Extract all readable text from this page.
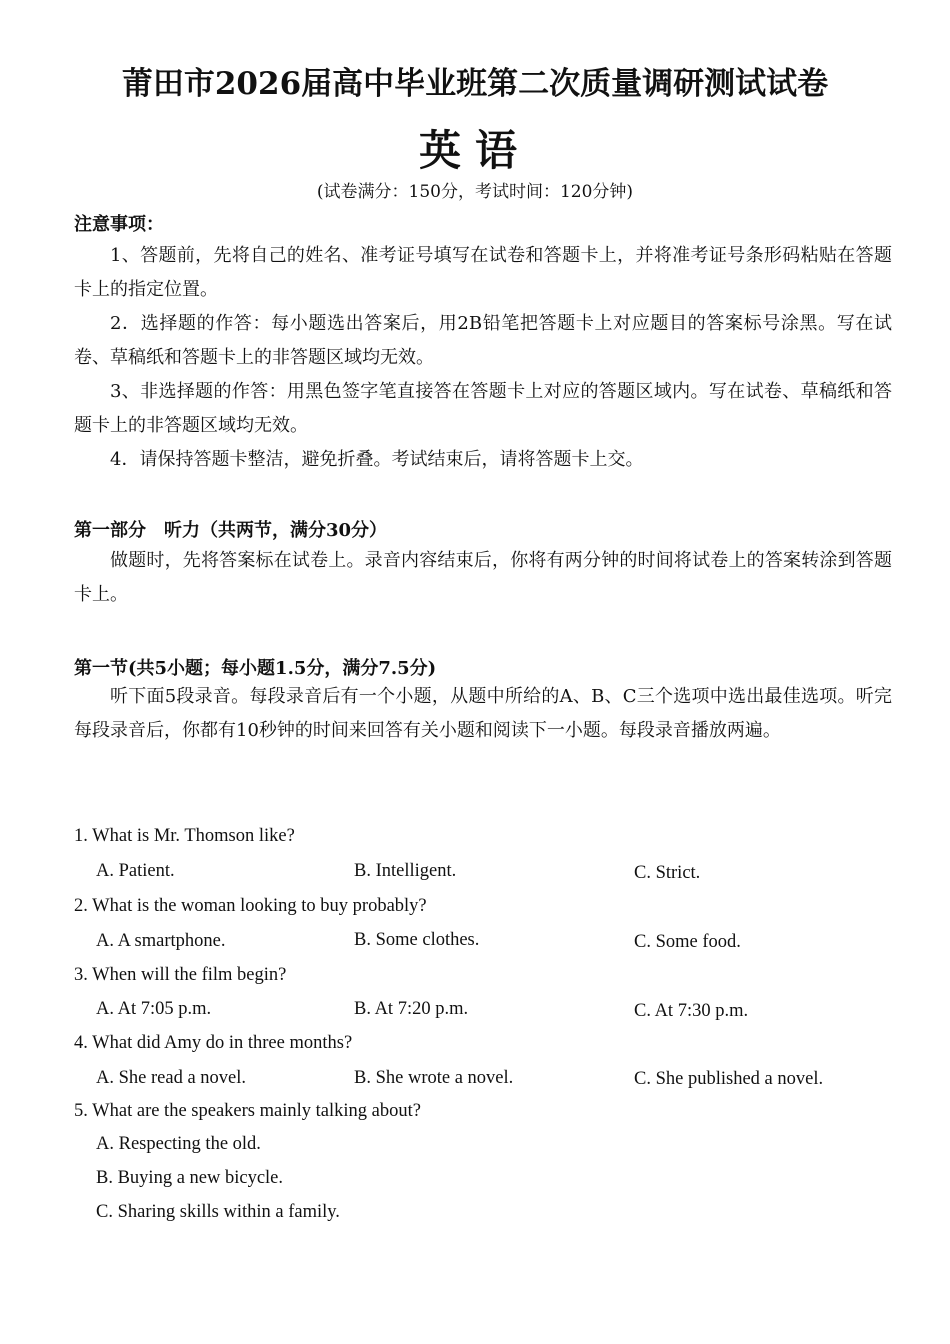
莆田市2026届高中毕业班第二次质量调研测试试卷
英语
(试卷满分：150分，考试时间：120分钟)
注意事项：
1、答题前，先将自己的姓名、准考证号填写在试卷和答题卡上，并将准考证号条形码粘贴在答题卡上的指定位置。
2．选择题的作答：每小题选出答案后，用2B铅笔把答题卡上对应题目的答案标号涂黑。写在试卷、草稿纸和答题卡上的非答题区域均无效。
3、非选择题的作答：用黑色签字笔直接答在答题卡上对应的答题区域内。写在试卷、草稿纸和答题卡上的非答题区域均无效。
4．请保持答题卡整洁，避免折叠。考试结束后，请将答题卡上交。
第一部分　听力（共两节，满分30分）
做题时，先将答案标在试卷上。录音内容结束后，你将有两分钟的时间将试卷上的答案转涂到答题卡上。
第一节(共5小题；每小题1.5分，满分7.5分)
听下面5段录音。每段录音后有一个小题，从题中所给的A、B、C三个选项中选出最佳选项。听完每段录音后，你都有10秒钟的时间来回答有关小题和阅读下一小题。每段录音播放两遍。
1. What is Mr. Thomson like?
A. Patient.	B. Intelligent.	C. Strict.
2. What is the woman looking to buy probably?
A. A smartphone.	B. Some clothes.	C. Some food.
3. When will the film begin?
A. At 7:05 p.m.	B. At 7:20 p.m.	C. At 7:30 p.m.
4. What did Amy do in three months?
A. She read a novel.	B. She wrote a novel.	C. She published a novel.
5. What are the speakers mainly talking about?
A. Respecting the old.
B. Buying a new bicycle.
C. Sharing skills within a family.
